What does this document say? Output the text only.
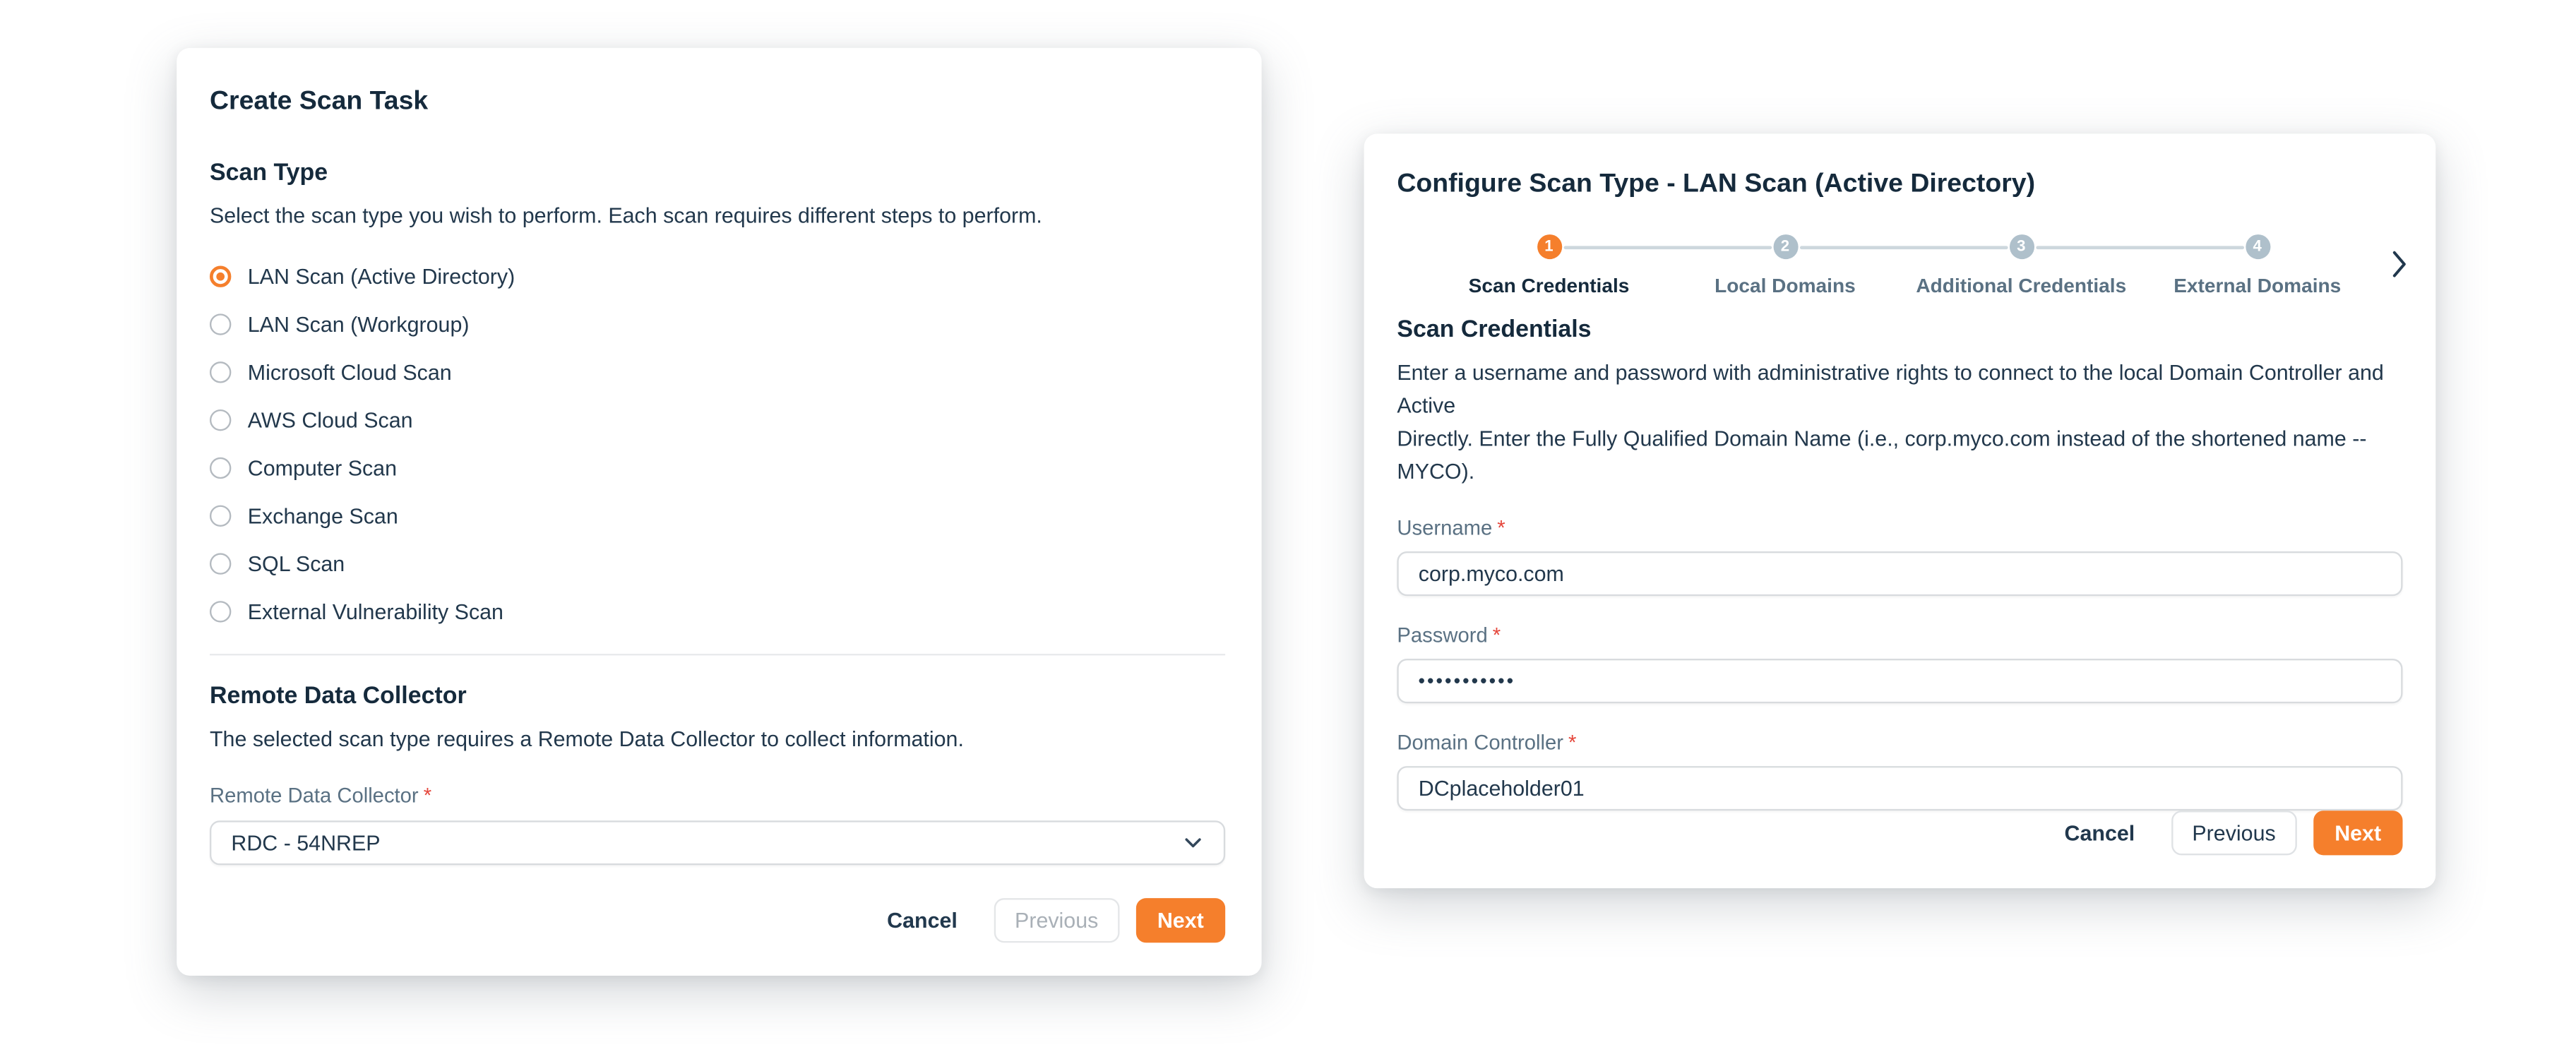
Create Scan Task
Scan Type
Select the scan type you wish to perform. Each scan requires different steps to perform.
LAN Scan (Active Directory)
LAN Scan (Workgroup)
Microsoft Cloud Scan
AWS Cloud Scan
Computer Scan
Exchange Scan
SQL Scan
External Vulnerability Scan
Remote Data Collector
The selected scan type requires a Remote Data Collector to collect information.
Remote Data Collector *
RDC - 54NREP
Cancel	Previous	Next
Configure Scan Type - LAN Scan (Active Directory)
1
Scan Credentials
2
Local Domains
3
Additional Credentials
4
External Domains
Scan Credentials
Enter a username and password with administrative rights to connect to the local Domain Controller and Active
Directly. Enter the Fully Qualified Domain Name (i.e., corp.myco.com instead of the shortened name -- MYCO).
Username *
corp.myco.com
Password *
•••••••••••
Domain Controller *
DCplaceholder01
Cancel	Previous	Next
